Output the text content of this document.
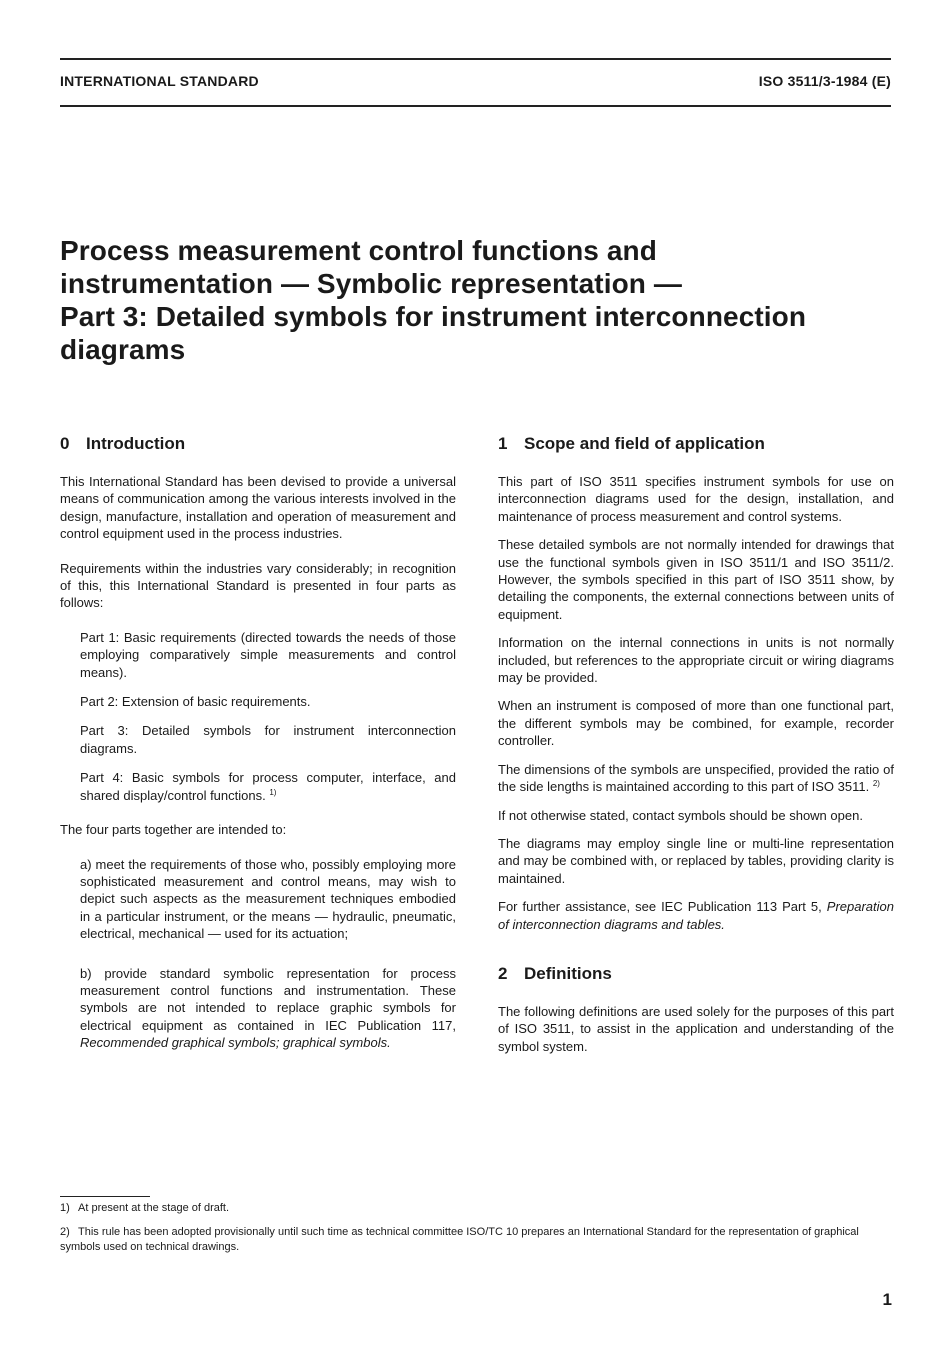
INTERNATIONAL STANDARD	ISO 3511/3-1984 (E)
Process measurement control functions and
instrumentation — Symbolic representation —
Part 3: Detailed symbols for instrument interconnection
diagrams
0 Introduction

This International Standard has been devised to provide a universal means of communication among the various interests involved in the design, manufacture, installation and operation of measurement and control equipment used in the process industries.

Requirements within the industries vary considerably; in recognition of this, this International Standard is presented in four parts as follows:

Part 1: Basic requirements (directed towards the needs of those employing comparatively simple measurements and control means).

Part 2: Extension of basic requirements.

Part 3: Detailed symbols for instrument interconnection diagrams.

Part 4: Basic symbols for process computer, interface, and shared display/control functions. $^{1)}$

The four parts together are intended to:

a) meet the requirements of those who, possibly employing more sophisticated measurement and control means, may wish to depict such aspects as the measurement techniques embodied in a particular instrument, or the means — hydraulic, pneumatic, electrical, mechanical — used for its actuation;

b) provide standard symbolic representation for process measurement control functions and instrumentation. These symbols are not intended to replace graphic symbols for electrical equipment as contained in IEC Publication 117, Recommended graphical symbols; graphical symbols.

1 Scope and field of application

This part of ISO 3511 specifies instrument symbols for use on interconnection diagrams used for the design, installation, and maintenance of process measurement and control systems.

These detailed symbols are not normally intended for drawings that use the functional symbols given in ISO 3511/1 and ISO 3511/2. However, the symbols specified in this part of ISO 3511 show, by detailing the components, the external connections between units of equipment.

Information on the internal connections in units is not normally included, but references to the appropriate circuit or wiring diagrams may be provided.

When an instrument is composed of more than one functional part, the different symbols may be combined, for example, recorder controller.

The dimensions of the symbols are unspecified, provided the ratio of the side lengths is maintained according to this part of ISO 3511. $^{2)}$

If not otherwise stated, contact symbols should be shown open.

The diagrams may employ single line or multi-line representation and may be combined with, or replaced by tables, providing clarity is maintained.

For further assistance, see IEC Publication 113 Part 5, Preparation of interconnection diagrams and tables.

2 Definitions

The following definitions are used solely for the purposes of this part of ISO 3511, to assist in the application and understanding of the symbol system.

1) At present at the stage of draft.
2) This rule has been adopted provisionally until such time as technical committee ISO/TC 10 prepares an International Standard for the representation of graphical symbols used on technical drawings.
1
